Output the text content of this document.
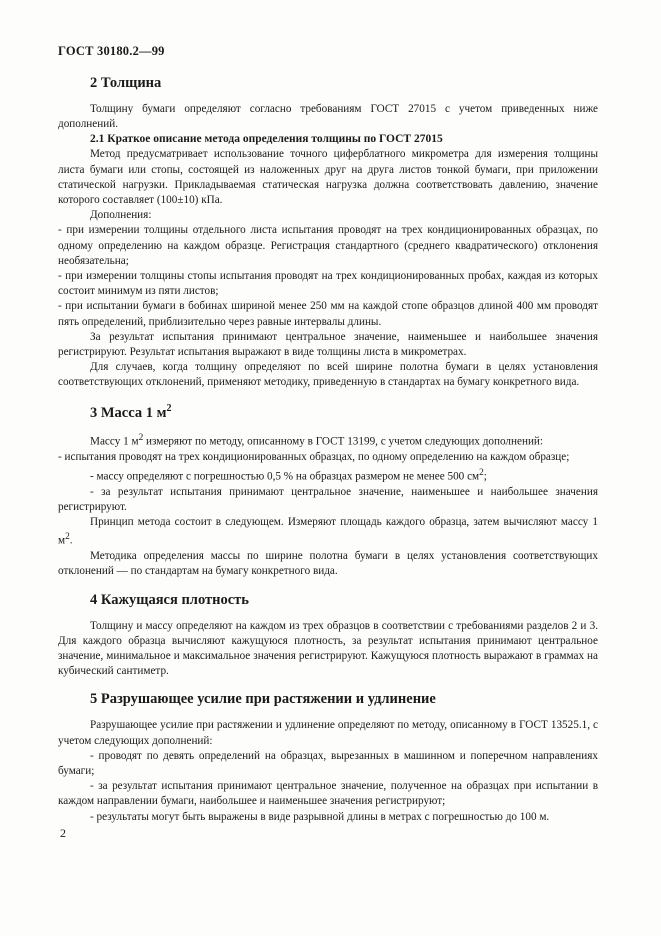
ГОСТ 30180.2—99
2 Толщина

Толщину бумаги определяют согласно требованиям ГОСТ 27015 с учетом приведенных ниже дополнений.

2.1 Краткое описание метода определения толщины по ГОСТ 27015

Метод предусматривает использование точного циферблатного микрометра для измерения толщины листа бумаги или стопы, состоящей из наложенных друг на друга листов тонкой бумаги, при приложении статической нагрузки. Прикладываемая статическая нагрузка должна соответствовать давлению, значение которого составляет (100±10) кПа.

Дополнения:

- при измерении толщины отдельного листа испытания проводят на трех кондиционированных образцах, по одному определению на каждом образце. Регистрация стандартного (среднего квадратического) отклонения необязательна;

- при измерении толщины стопы испытания проводят на трех кондиционированных пробах, каждая из которых состоит минимум из пяти листов;

- при испытании бумаги в бобинах шириной менее 250 мм на каждой стопе образцов длиной 400 мм проводят пять определений, приблизительно через равные интервалы длины.

За результат испытания принимают центральное значение, наименьшее и наибольшее значения регистрируют. Результат испытания выражают в виде толщины листа в микрометрах.

Для случаев, когда толщину определяют по всей ширине полотна бумаги в целях установления соответствующих отклонений, применяют методику, приведенную в стандартах на бумагу конкретного вида.

3 Масса 1 $м^2$

Массу 1 $м^2$ измеряют по методу, описанному в ГОСТ 13199, с учетом следующих дополнений:

- испытания проводят на трех кондиционированных образцах, по одному определению на каждом образце;

- массу определяют с погрешностью 0,5 % на образцах размером не менее 500 $см^2$;

- за результат испытания принимают центральное значение, наименьшее и наибольшее значения регистрируют.

Принцип метода состоит в следующем. Измеряют площадь каждого образца, затем вычисляют массу 1 $м^2$.

Методика определения массы по ширине полотна бумаги в целях установления соответствующих отклонений — по стандартам на бумагу конкретного вида.

4 Кажущаяся плотность

Толщину и массу определяют на каждом из трех образцов в соответствии с требованиями разделов 2 и 3. Для каждого образца вычисляют кажущуюся плотность, за результат испытания принимают центральное значение, минимальное и максимальное значения регистрируют. Кажущуюся плотность выражают в граммах на кубический сантиметр.

5 Разрушающее усилие при растяжении и удлинение

Разрушающее усилие при растяжении и удлинение определяют по методу, описанному в ГОСТ 13525.1, с учетом следующих дополнений:

- проводят по девять определений на образцах, вырезанных в машинном и поперечном направлениях бумаги;

- за результат испытания принимают центральное значение, полученное на образцах при испытании в каждом направлении бумаги, наибольшее и наименьшее значения регистрируют;

- результаты могут быть выражены в виде разрывной длины в метрах с погрешностью до 100 м.

2
